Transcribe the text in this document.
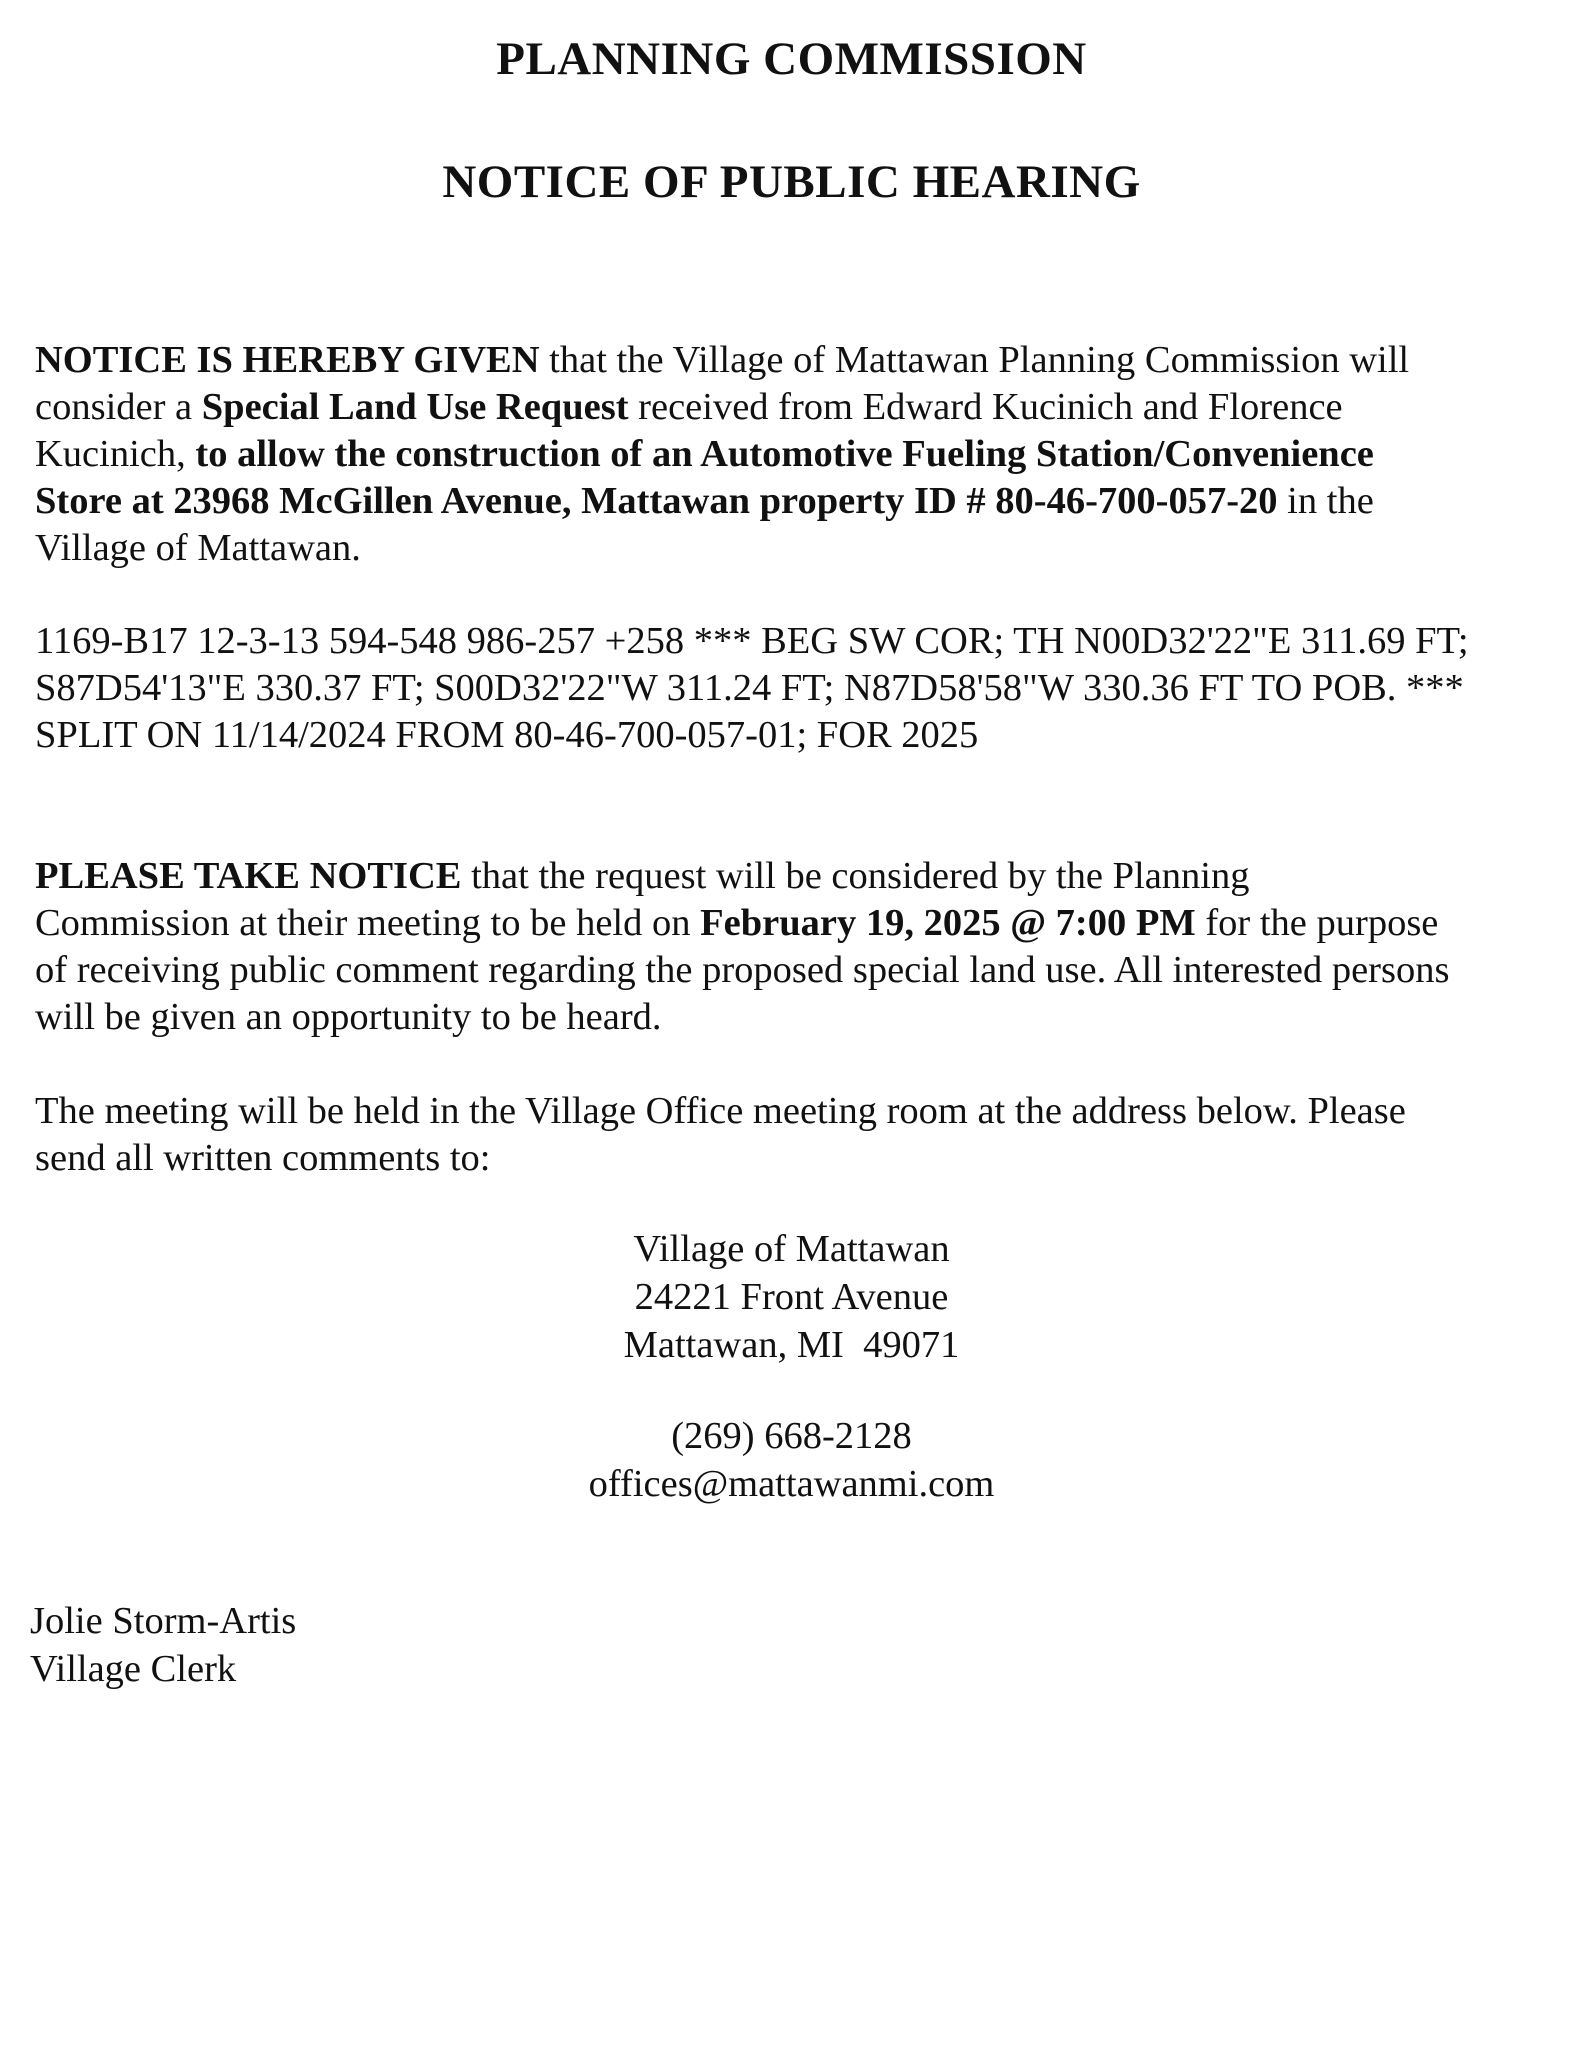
PLANNING COMMISSION
NOTICE OF PUBLIC HEARING
NOTICE IS HEREBY GIVEN that the Village of Mattawan Planning Commission will
consider a Special Land Use Request received from Edward Kucinich and Florence
Kucinich, to allow the construction of an Automotive Fueling Station/Convenience
Store at 23968 McGillen Avenue, Mattawan property ID # 80-46-700-057-20 in the
Village of Mattawan.
1169-B17 12-3-13 594-548 986-257 +258 *** BEG SW COR; TH N00D32'22"E 311.69 FT;
S87D54'13"E 330.37 FT; S00D32'22"W 311.24 FT; N87D58'58"W 330.36 FT TO POB. ***
SPLIT ON 11/14/2024 FROM 80-46-700-057-01; FOR 2025
PLEASE TAKE NOTICE that the request will be considered by the Planning
Commission at their meeting to be held on February 19, 2025 @ 7:00 PM for the purpose
of receiving public comment regarding the proposed special land use. All interested persons
will be given an opportunity to be heard.
The meeting will be held in the Village Office meeting room at the address below. Please
send all written comments to:
Village of Mattawan
24221 Front Avenue
Mattawan, MI  49071
(269) 668-2128
offices@mattawanmi.com
Jolie Storm-Artis
Village Clerk
